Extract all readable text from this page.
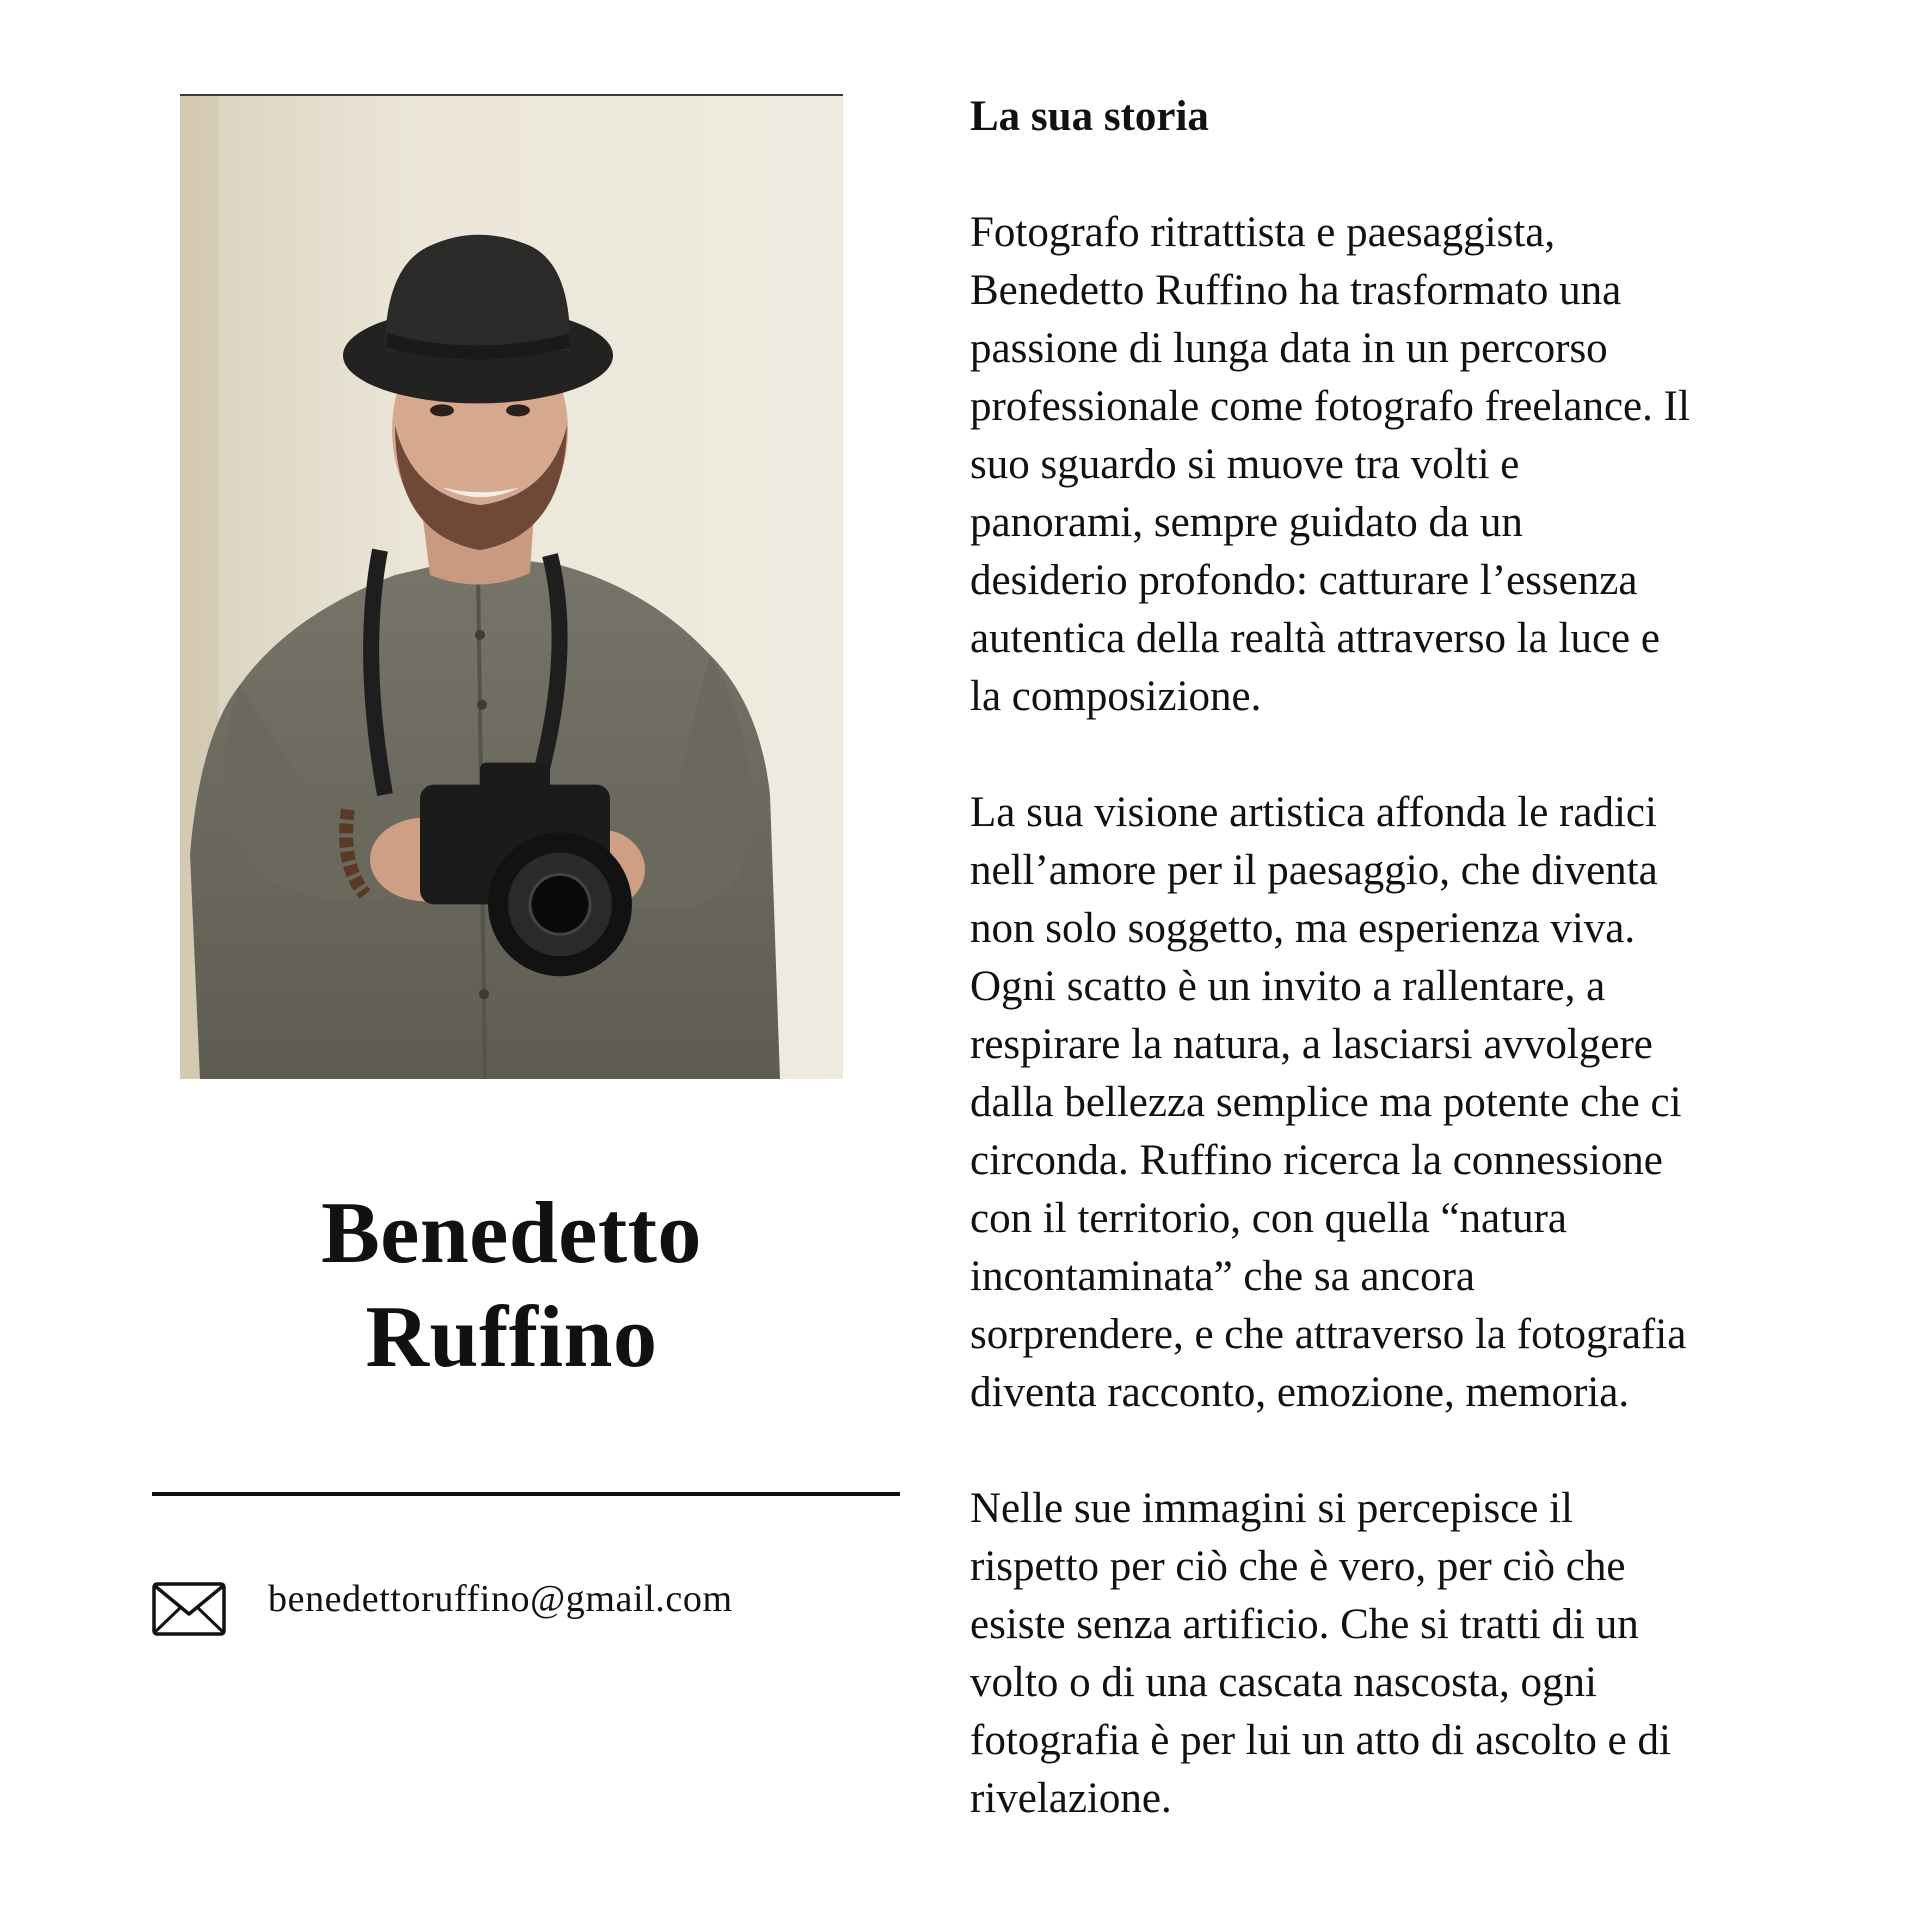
Benedetto
Ruffino
benedettoruffino@gmail.com
La sua storia

Fotografo ritrattista e paesaggista,
Benedetto Ruffino ha trasformato una
passione di lunga data in un percorso
professionale come fotografo freelance. Il
suo sguardo si muove tra volti e
panorami, sempre guidato da un
desiderio profondo: catturare l’essenza
autentica della realtà attraverso la luce e
la composizione.

La sua visione artistica affonda le radici
nell’amore per il paesaggio, che diventa
non solo soggetto, ma esperienza viva.
Ogni scatto è un invito a rallentare, a
respirare la natura, a lasciarsi avvolgere
dalla bellezza semplice ma potente che ci
circonda. Ruffino ricerca la connessione
con il territorio, con quella “natura
incontaminata” che sa ancora
sorprendere, e che attraverso la fotografia
diventa racconto, emozione, memoria.

Nelle sue immagini si percepisce il
rispetto per ciò che è vero, per ciò che
esiste senza artificio. Che si tratti di un
volto o di una cascata nascosta, ogni
fotografia è per lui un atto di ascolto e di
rivelazione.
